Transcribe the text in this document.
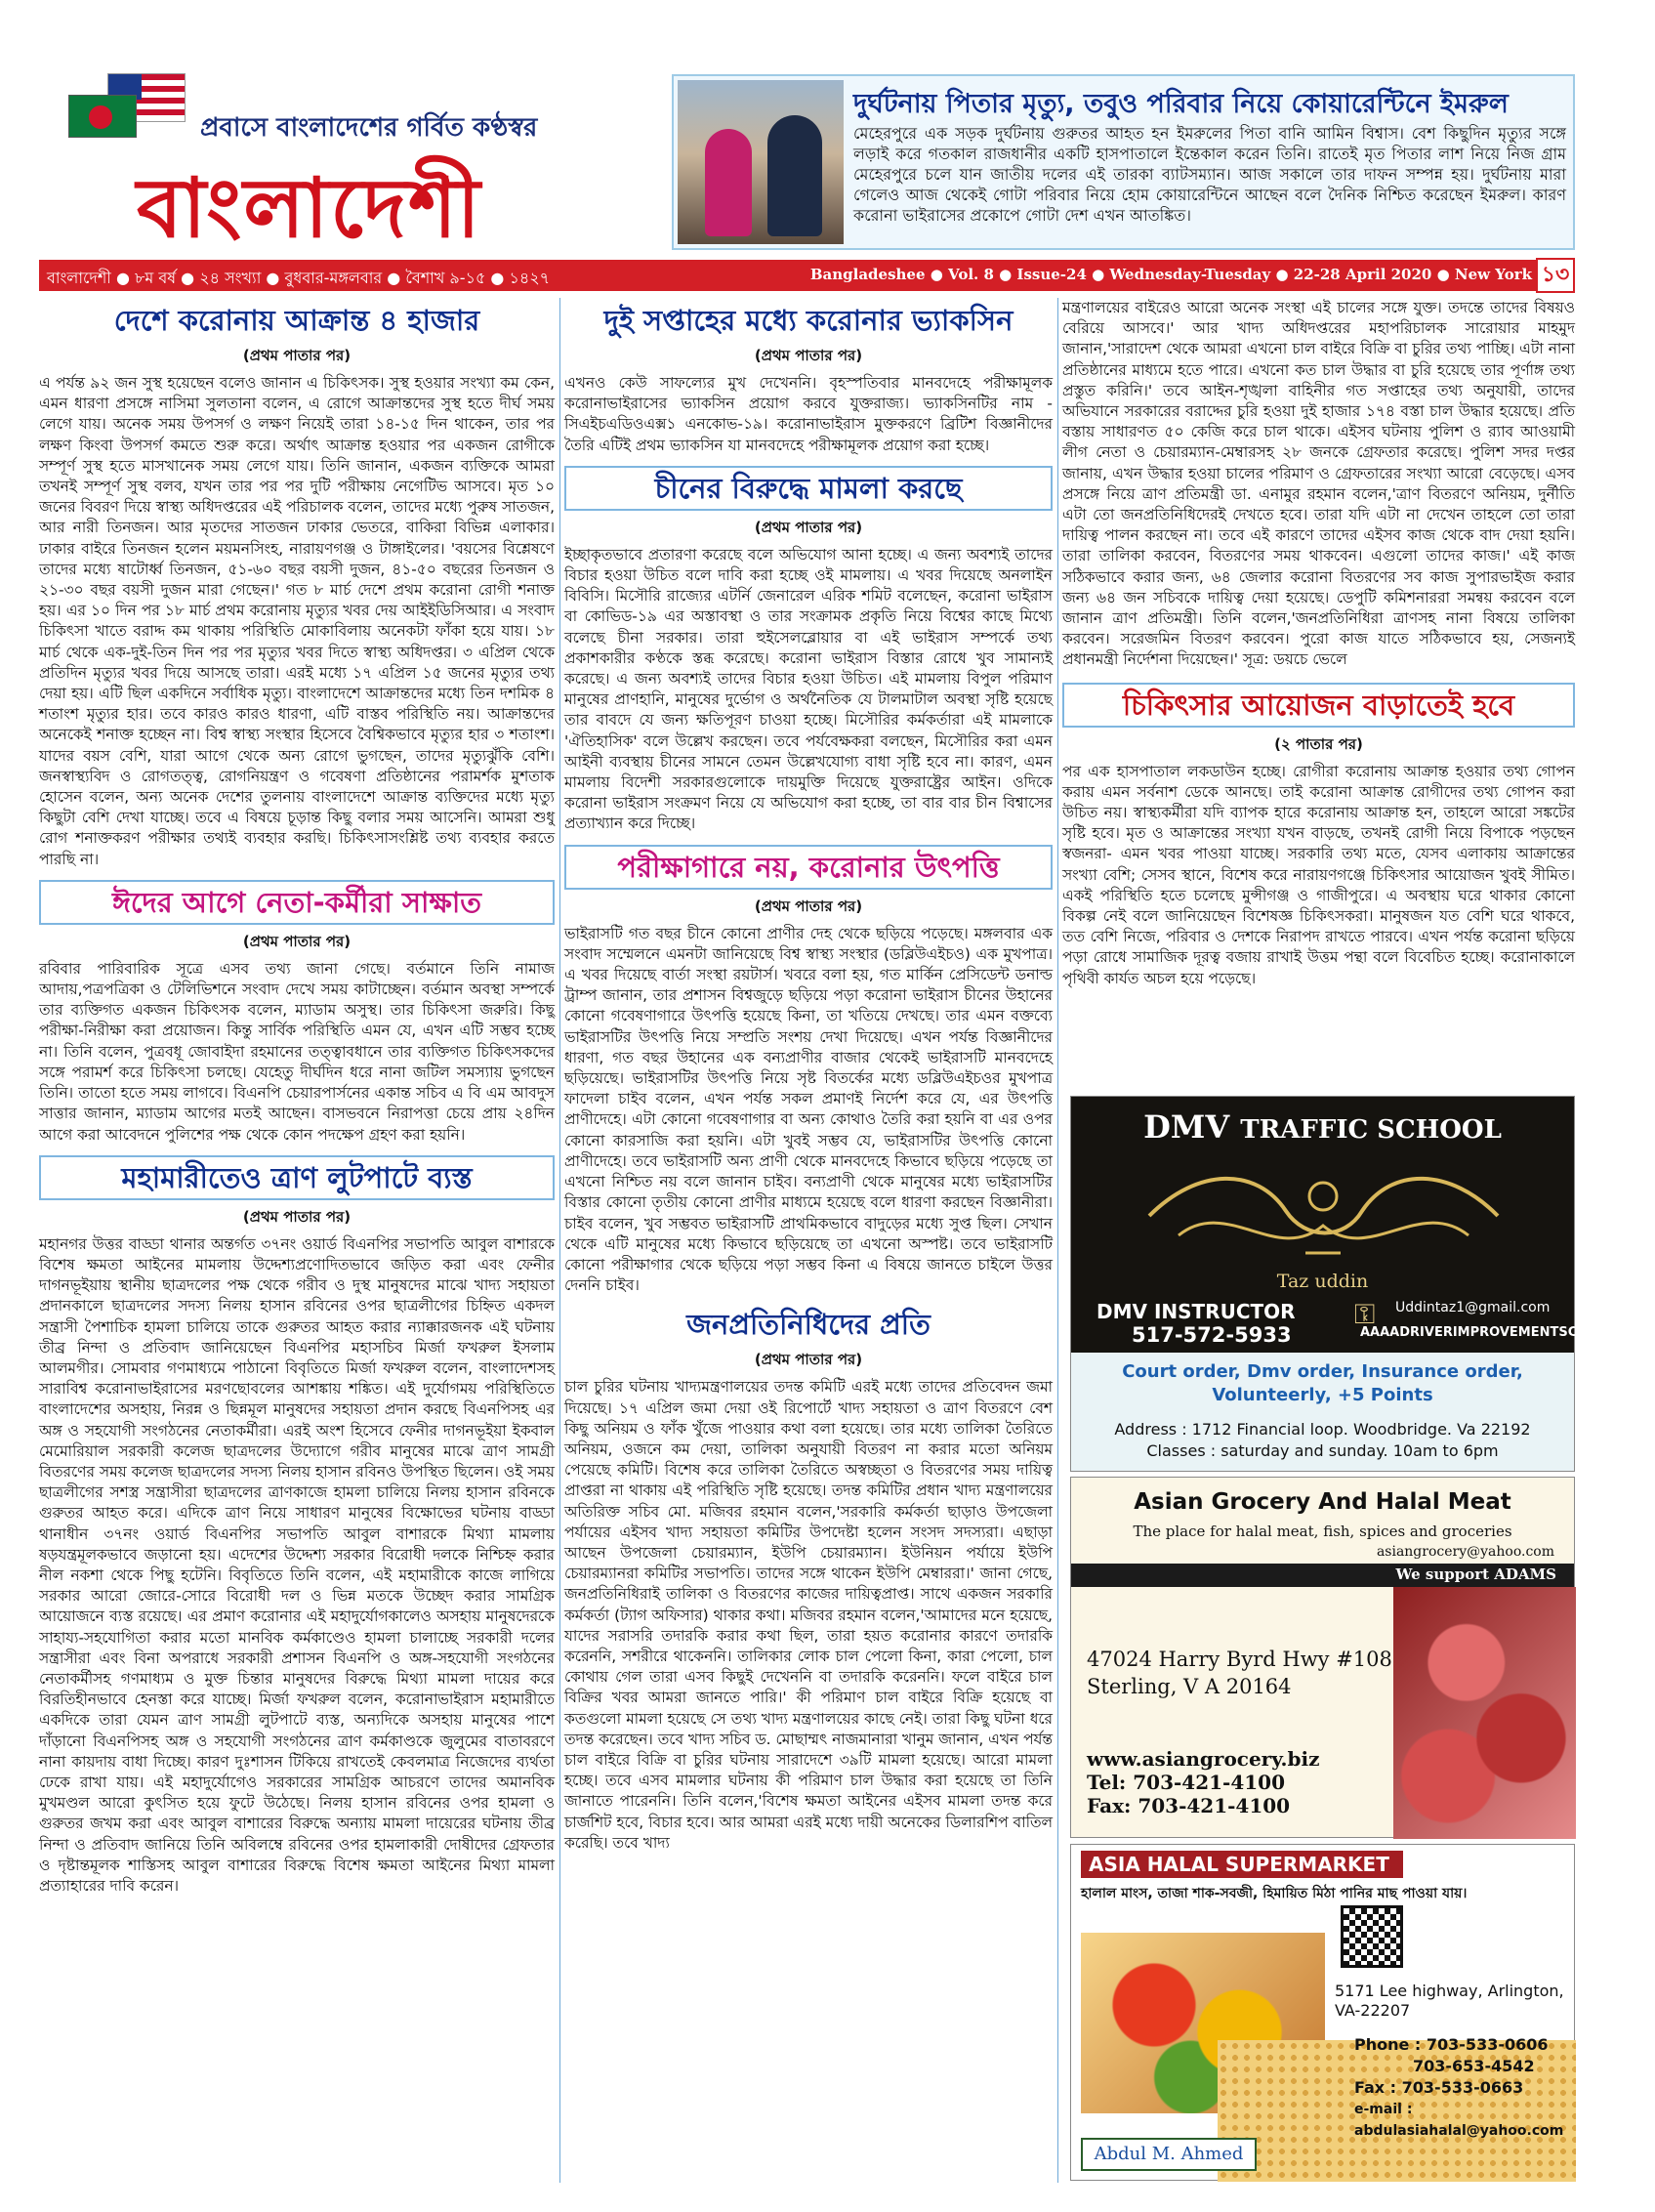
প্রবাসে বাংলাদেশের গর্বিত কণ্ঠস্বর
বাংলাদেশী
দুর্ঘটনায় পিতার মৃত্যু, তবুও পরিবার নিয়ে কোয়ারেন্টিনে ইমরুল
মেহেরপুরে এক সড়ক দুর্ঘটনায় গুরুতর আহত হন ইমরুলের পিতা বানি আমিন বিশ্বাস। বেশ কিছুদিন মৃত্যুর সঙ্গে লড়াই করে গতকাল রাজধানীর একটি হাসপাতালে ইন্তেকাল করেন তিনি। রাতেই মৃত পিতার লাশ নিয়ে নিজ গ্রাম মেহেরপুরে চলে যান জাতীয় দলের এই তারকা ব্যাটসম্যান। আজ সকালে তার দাফন সম্পন্ন হয়। দুর্ঘটনায় মারা গেলেও আজ থেকেই গোটা পরিবার নিয়ে হোম কোয়ারেন্টিনে আছেন বলে দৈনিক নিশ্চিত করেছেন ইমরুল। কারণ করোনা ভাইরাসের প্রকোপে গোটা দেশ এখন আতঙ্কিত।
বাংলাদেশী ● ৮ম বর্ষ ● ২৪ সংখ্যা ● বুধবার-মঙ্গলবার ● বৈশাখ ৯-১৫ ● ১৪২৭	Bangladeshee ● Vol. 8 ● Issue-24 ● Wednesday-Tuesday ● 22-28 April 2020 ● New York ১৩
দেশে করোনায় আক্রান্ত ৪ হাজার
(প্রথম পাতার পর)
এ পর্যন্ত ৯২ জন সুস্থ হয়েছেন বলেও জানান এ চিকিৎসক। সুস্থ হওয়ার সংখ্যা কম কেন, এমন ধারণা প্রসঙ্গে নাসিমা সুলতানা বলেন, এ রোগে আক্রান্তদের সুস্থ হতে দীর্ঘ সময় লেগে যায়। অনেক সময় উপসর্গ ও লক্ষণ নিয়েই তারা ১৪-১৫ দিন থাকেন, তার পর লক্ষণ কিংবা উপসর্গ কমতে শুরু করে। অর্থাৎ আক্রান্ত হওয়ার পর একজন রোগীকে সম্পূর্ণ সুস্থ হতে মাসখানেক সময় লেগে যায়। তিনি জানান, একজন ব্যক্তিকে আমরা তখনই সম্পূর্ণ সুস্থ বলব, যখন তার পর পর দুটি পরীক্ষায় নেগেটিভ আসবে। মৃত ১০ জনের বিবরণ দিয়ে স্বাস্থ্য অধিদপ্তরের এই পরিচালক বলেন, তাদের মধ্যে পুরুষ সাতজন, আর নারী তিনজন। আর মৃতদের সাতজন ঢাকার ভেতরে, বাকিরা বিভিন্ন এলাকার। ঢাকার বাইরে তিনজন হলেন ময়মনসিংহ, নারায়ণগঞ্জ ও টাঙ্গাইলের। 'বয়সের বিশ্লেষণে তাদের মধ্যে ষাটোর্ধ্ব তিনজন, ৫১-৬০ বছর বয়সী দুজন, ৪১-৫০ বছরের তিনজন ও ২১-৩০ বছর বয়সী দুজন মারা গেছেন।' গত ৮ মার্চ দেশে প্রথম করোনা রোগী শনাক্ত হয়। এর ১০ দিন পর ১৮ মার্চ প্রথম করোনায় মৃত্যুর খবর দেয় আইইডিসিআর। এ সংবাদ চিকিৎসা খাতে বরাদ্দ কম থাকায় পরিস্থিতি মোকাবিলায় অনেকটা ফাঁকা হয়ে যায়। ১৮ মার্চ থেকে এক-দুই-তিন দিন পর পর মৃত্যুর খবর দিতে স্বাস্থ্য অধিদপ্তর। ৩ এপ্রিল থেকে প্রতিদিন মৃত্যুর খবর দিয়ে আসছে তারা। এরই মধ্যে ১৭ এপ্রিল ১৫ জনের মৃত্যুর তথ্য দেয়া হয়। এটি ছিল একদিনে সর্বাধিক মৃত্যু। বাংলাদেশে আক্রান্তদের মধ্যে তিন দশমিক ৪ শতাংশ মৃত্যুর হার। তবে কারও কারও ধারণা, এটি বাস্তব পরিস্থিতি নয়। আক্রান্তদের অনেকেই শনাক্ত হচ্ছেন না। বিশ্ব স্বাস্থ্য সংস্থার হিসেবে বৈশ্বিকভাবে মৃত্যুর হার ৩ শতাংশ। যাদের বয়স বেশি, যারা আগে থেকে অন্য রোগে ভুগছেন, তাদের মৃত্যুঝুঁকি বেশি। জনস্বাস্থ্যবিদ ও রোগতত্ত্ব, রোগনিয়ন্ত্রণ ও গবেষণা প্রতিষ্ঠানের পরামর্শক মুশতাক হোসেন বলেন, অন্য অনেক দেশের তুলনায় বাংলাদেশে আক্রান্ত ব্যক্তিদের মধ্যে মৃত্যু কিছুটা বেশি দেখা যাচ্ছে। তবে এ বিষয়ে চূড়ান্ত কিছু বলার সময় আসেনি। আমরা শুধু রোগ শনাক্তকরণ পরীক্ষার তথ্যই ব্যবহার করছি। চিকিৎসাসংশ্লিষ্ট তথ্য ব্যবহার করতে পারছি না।
ঈদের আগে নেতা-কর্মীরা সাক্ষাত
(প্রথম পাতার পর)
রবিবার পারিবারিক সূত্রে এসব তথ্য জানা গেছে। বর্তমানে তিনি নামাজ আদায়,পত্রপত্রিকা ও টেলিভিশনে সংবাদ দেখে সময় কাটাচ্ছেন। বর্তমান অবস্থা সম্পর্কে তার ব্যক্তিগত একজন চিকিৎসক বলেন, ম্যাডাম অসুস্থ। তার চিকিৎসা জরুরি। কিছু পরীক্ষা-নিরীক্ষা করা প্রয়োজন। কিন্তু সার্বিক পরিস্থিতি এমন যে, এখন এটি সম্ভব হচ্ছে না। তিনি বলেন, পুত্রবধূ জোবাইদা রহমানের তত্ত্বাবধানে তার ব্যক্তিগত চিকিৎসকদের সঙ্গে পরামর্শ করে চিকিৎসা চলছে। যেহেতু দীর্ঘদিন ধরে নানা জটিল সমস্যায় ভুগছেন তিনি। তাতো হতে সময় লাগবে। বিএনপি চেয়ারপার্সনের একান্ত সচিব এ বি এম আবদুস সাত্তার জানান, ম্যাডাম আগের মতই আছেন। বাসভবনে নিরাপত্তা চেয়ে প্রায় ২৪দিন আগে করা আবেদনে পুলিশের পক্ষ থেকে কোন পদক্ষেপ গ্রহণ করা হয়নি।
মহামারীতেও ত্রাণ লুটপাটে ব্যস্ত
(প্রথম পাতার পর)
মহানগর উত্তর বাড্ডা থানার অন্তর্গত ৩৭নং ওয়ার্ড বিএনপির সভাপতি আবুল বাশারকে বিশেষ ক্ষমতা আইনের মামলায় উদ্দেশ্যপ্রণোদিতভাবে জড়িত করা এবং ফেনীর দাগনভূইয়ায় স্থানীয় ছাত্রদলের পক্ষ থেকে গরীব ও দুস্থ মানুষদের মাঝে খাদ্য সহায়তা প্রদানকালে ছাত্রদলের সদস্য নিলয় হাসান রবিনের ওপর ছাত্রলীগের চিহ্নিত একদল সন্ত্রাসী পৈশাচিক হামলা চালিয়ে তাকে গুরুতর আহত করার ন্যাক্কারজনক এই ঘটনায় তীব্র নিন্দা ও প্রতিবাদ জানিয়েছেন বিএনপির মহাসচিব মির্জা ফখরুল ইসলাম আলমগীর। সোমবার গণমাধ্যমে পাঠানো বিবৃতিতে মির্জা ফখরুল বলেন, বাংলাদেশসহ সারাবিশ্ব করোনাভাইরাসের মরণছোবলের আশঙ্কায় শঙ্কিত। এই দুর্যোগময় পরিস্থিতিতে বাংলাদেশের অসহায়, নিরন্ন ও ছিন্নমূল মানুষদের সহায়তা প্রদান করছে বিএনপিসহ এর অঙ্গ ও সহযোগী সংগঠনের নেতাকর্মীরা। এরই অংশ হিসেবে ফেনীর দাগনভূইয়া ইকবাল মেমোরিয়াল সরকারী কলেজ ছাত্রদলের উদ্যোগে গরীব মানুষের মাঝে ত্রাণ সামগ্রী বিতরণের সময় কলেজ ছাত্রদলের সদস্য নিলয় হাসান রবিনও উপস্থিত ছিলেন। ওই সময় ছাত্রলীগের সশস্ত্র সন্ত্রাসীরা ছাত্রদলের ত্রাণকাজে হামলা চালিয়ে নিলয় হাসান রবিনকে গুরুতর আহত করে। এদিকে ত্রাণ নিয়ে সাধারণ মানুষের বিক্ষোভের ঘটনায় বাড্ডা থানাধীন ৩৭নং ওয়ার্ড বিএনপির সভাপতি আবুল বাশারকে মিথ্যা মামলায় ষড়যন্ত্রমূলকভাবে জড়ানো হয়। এদেশের উদ্দেশ্য সরকার বিরোধী দলকে নিশ্চিহ্ন করার নীল নকশা থেকে পিছু হটেনি। বিবৃতিতে তিনি বলেন, এই মহামারীকে কাজে লাগিয়ে সরকার আরো জোরে-সোরে বিরোধী দল ও ভিন্ন মতকে উচ্ছেদ করার সামগ্রিক আয়োজনে ব্যস্ত রয়েছে। এর প্রমাণ করোনার এই মহাদুর্যোগকালেও অসহায় মানুষদেরকে সাহায্য-সহযোগিতা করার মতো মানবিক কর্মকাণ্ডেও হামলা চালাচ্ছে সরকারী দলের সন্ত্রাসীরা এবং বিনা অপরাধে সরকারী প্রশাসন বিএনপি ও অঙ্গ-সহযোগী সংগঠনের নেতাকর্মীসহ গণমাধ্যম ও মুক্ত চিন্তার মানুষদের বিরুদ্ধে মিথ্যা মামলা দায়ের করে বিরতিহীনভাবে হেনস্তা করে যাচ্ছে। মির্জা ফখরুল বলেন, করোনাভাইরাস মহামারীতে একদিকে তারা যেমন ত্রাণ সামগ্রী লুটপাটে ব্যস্ত, অন্যদিকে অসহায় মানুষের পাশে দাঁড়ানো বিএনপিসহ অঙ্গ ও সহযোগী সংগঠনের ত্রাণ কর্মকাণ্ডকে জুলুমের বাতাবরণে নানা কায়দায় বাধা দিচ্ছে। কারণ দুঃশাসন টিকিয়ে রাখতেই কেবলমাত্র নিজেদের ব্যর্থতা ঢেকে রাখা যায়। এই মহাদুর্যোগেও সরকারের সামগ্রিক আচরণে তাদের অমানবিক মুখমণ্ডল আরো কুৎসিত হয়ে ফুটে উঠেছে। নিলয় হাসান রবিনের ওপর হামলা ও গুরুতর জখম করা এবং আবুল বাশারের বিরুদ্ধে অন্যায় মামলা দায়েরের ঘটনায় তীব্র নিন্দা ও প্রতিবাদ জানিয়ে তিনি অবিলম্বে রবিনের ওপর হামলাকারী দোষীদের গ্রেফতার ও দৃষ্টান্তমূলক শাস্তিসহ আবুল বাশারের বিরুদ্ধে বিশেষ ক্ষমতা আইনের মিথ্যা মামলা প্রত্যাহারের দাবি করেন।
দুই সপ্তাহের মধ্যে করোনার ভ্যাকসিন
(প্রথম পাতার পর)
এখনও কেউ সাফল্যের মুখ দেখেননি। বৃহস্পতিবার মানবদেহে পরীক্ষামূলক করোনাভাইরাসের ভ্যাকসিন প্রয়োগ করবে যুক্তরাজ্য। ভ্যাকসিনটির নাম - সিএইচএডিওএক্স১ এনকোভ-১৯। করোনাভাইরাস মুক্তকরণে ব্রিটিশ বিজ্ঞানীদের তৈরি এটিই প্রথম ভ্যাকসিন যা মানবদেহে পরীক্ষামূলক প্রয়োগ করা হচ্ছে।
চীনের বিরুদ্ধে মামলা করছে
(প্রথম পাতার পর)
ইচ্ছাকৃতভাবে প্রতারণা করেছে বলে অভিযোগ আনা হচ্ছে। এ জন্য অবশ্যই তাদের বিচার হওয়া উচিত বলে দাবি করা হচ্ছে ওই মামলায়। এ খবর দিয়েছে অনলাইন বিবিসি। মিসৌরি রাজ্যের এটর্নি জেনারেল এরিক শমিট বলেছেন, করোনা ভাইরাস বা কোভিড-১৯ এর অস্তাবস্থা ও তার সংক্রামক প্রকৃতি নিয়ে বিশ্বের কাছে মিথ্যে বলেছে চীনা সরকার। তারা হুইসেলব্লোয়ার বা এই ভাইরাস সম্পর্কে তথ্য প্রকাশকারীর কণ্ঠকে স্তব্ধ করেছে। করোনা ভাইরাস বিস্তার রোধে খুব সামান্যই করেছে। এ জন্য অবশ্যই তাদের বিচার হওয়া উচিত। এই মামলায় বিপুল পরিমাণ মানুষের প্রাণহানি, মানুষের দুর্ভোগ ও অর্থনৈতিক যে টালমাটাল অবস্থা সৃষ্টি হয়েছে তার বাবদে যে জন্য ক্ষতিপূরণ চাওয়া হচ্ছে। মিসৌরির কর্মকর্তারা এই মামলাকে 'ঐতিহাসিক' বলে উল্লেখ করছেন। তবে পর্যবেক্ষকরা বলছেন, মিসৌরির করা এমন আইনী ব্যবস্থায় চীনের সামনে তেমন উল্লেখযোগ্য বাধা সৃষ্টি হবে না। কারণ, এমন মামলায় বিদেশী সরকারগুলোকে দায়মুক্তি দিয়েছে যুক্তরাষ্ট্রের আইন। ওদিকে করোনা ভাইরাস সংক্রমণ নিয়ে যে অভিযোগ করা হচ্ছে, তা বার বার চীন বিশ্বাসের প্রত্যাখ্যান করে দিচ্ছে।
পরীক্ষাগারে নয়, করোনার উৎপত্তি
(প্রথম পাতার পর)
ভাইরাসটি গত বছর চীনে কোনো প্রাণীর দেহ থেকে ছড়িয়ে পড়েছে। মঙ্গলবার এক সংবাদ সম্মেলনে এমনটা জানিয়েছে বিশ্ব স্বাস্থ্য সংস্থার (ডব্লিউএইচও) এক মুখপাত্র। এ খবর দিয়েছে বার্তা সংস্থা রয়টার্স। খবরে বলা হয়, গত মার্কিন প্রেসিডেন্ট ডনাল্ড ট্রাম্প জানান, তার প্রশাসন বিশ্বজুড়ে ছড়িয়ে পড়া করোনা ভাইরাস চীনের উহানের কোনো গবেষণাগারে উৎপত্তি হয়েছে কিনা, তা খতিয়ে দেখছে। তার এমন বক্তব্যে ভাইরাসটির উৎপত্তি নিয়ে সম্প্রতি সংশয় দেখা দিয়েছে। এখন পর্যন্ত বিজ্ঞানীদের ধারণা, গত বছর উহানের এক বন্যপ্রাণীর বাজার থেকেই ভাইরাসটি মানবদেহে ছড়িয়েছে। ভাইরাসটির উৎপত্তি নিয়ে সৃষ্ট বিতর্কের মধ্যে ডব্লিউএইচওর মুখপাত্র ফাদেলা চাইব বলেন, এখন পর্যন্ত সকল প্রমাণই নির্দেশ করে যে, এর উৎপত্তি প্রাণীদেহে। এটা কোনো গবেষণাগার বা অন্য কোথাও তৈরি করা হয়নি বা এর ওপর কোনো কারসাজি করা হয়নি। এটা খুবই সম্ভব যে, ভাইরাসটির উৎপত্তি কোনো প্রাণীদেহে। তবে ভাইরাসটি অন্য প্রাণী থেকে মানবদেহে কিভাবে ছড়িয়ে পড়েছে তা এখনো নিশ্চিত নয় বলে জানান চাইব। বন্যপ্রাণী থেকে মানুষের মধ্যে ভাইরাসটির বিস্তার কোনো তৃতীয় কোনো প্রাণীর মাধ্যমে হয়েছে বলে ধারণা করছেন বিজ্ঞানীরা। চাইব বলেন, খুব সম্ভবত ভাইরাসটি প্রাথমিকভাবে বাদুড়ের মধ্যে সুপ্ত ছিল। সেখান থেকে এটি মানুষের মধ্যে কিভাবে ছড়িয়েছে তা এখনো অস্পষ্ট। তবে ভাইরাসটি কোনো পরীক্ষাগার থেকে ছড়িয়ে পড়া সম্ভব কিনা এ বিষয়ে জানতে চাইলে উত্তর দেননি চাইব।
জনপ্রতিনিধিদের প্রতি
(প্রথম পাতার পর)
চাল চুরির ঘটনায় খাদ্যমন্ত্রণালয়ের তদন্ত কমিটি এরই মধ্যে তাদের প্রতিবেদন জমা দিয়েছে। ১৭ এপ্রিল জমা দেয়া ওই রিপোর্টে খাদ্য সহায়তা ও ত্রাণ বিতরণে বেশ কিছু অনিয়ম ও ফাঁক খুঁজে পাওয়ার কথা বলা হয়েছে। তার মধ্যে তালিকা তৈরিতে অনিয়ম, ওজনে কম দেয়া, তালিকা অনুযায়ী বিতরণ না করার মতো অনিয়ম পেয়েছে কমিটি। বিশেষ করে তালিকা তৈরিতে অস্বচ্ছতা ও বিতরণের সময় দায়িত্ব প্রাপ্তরা না থাকায় এই পরিস্থিতি সৃষ্টি হয়েছে। তদন্ত কমিটির প্রধান খাদ্য মন্ত্রণালয়ের অতিরিক্ত সচিব মো. মজিবর রহমান বলেন,'সরকারি কর্মকর্তা ছাড়াও উপজেলা পর্যায়ের এইসব খাদ্য সহায়তা কমিটির উপদেষ্টা হলেন সংসদ সদস্যরা। এছাড়া আছেন উপজেলা চেয়ারম্যান, ইউপি চেয়ারম্যান। ইউনিয়ন পর্যায়ে ইউপি চেয়ারম্যানরা কমিটির সভাপতি। তাদের সঙ্গে থাকেন ইউপি মেম্বাররা।' জানা গেছে, জনপ্রতিনিধিরাই তালিকা ও বিতরণের কাজের দায়িত্বপ্রাপ্ত। সাথে একজন সরকারি কর্মকর্তা (ট্যাগ অফিসার) থাকার কথা। মজিবর রহমান বলেন,'আমাদের মনে হয়েছে, যাদের সরাসরি তদারকি করার কথা ছিল, তারা হয়ত করোনার কারণে তদারকি করেননি, সশরীরে থাকেননি। তালিকার লোক চাল পেলো কিনা, কারা পেলো, চাল কোথায় গেল তারা এসব কিছুই দেখেননি বা তদারকি করেননি। ফলে বাইরে চাল বিক্রির খবর আমরা জানতে পারি।' কী পরিমাণ চাল বাইরে বিক্রি হয়েছে বা কতগুলো মামলা হয়েছে সে তথ্য খাদ্য মন্ত্রণালয়ের কাছে নেই। তারা কিছু ঘটনা ধরে তদন্ত করেছেন। তবে খাদ্য সচিব ড. মোছাম্মৎ নাজমানারা খানুম জানান, এখন পর্যন্ত চাল বাইরে বিক্রি বা চুরির ঘটনায় সারাদেশে ৩৯টি মামলা হয়েছে। আরো মামলা হচ্ছে। তবে এসব মামলার ঘটনায় কী পরিমাণ চাল উদ্ধার করা হয়েছে তা তিনি জানাতে পারেননি। তিনি বলেন,'বিশেষ ক্ষমতা আইনের এইসব মামলা তদন্ত করে চার্জশিট হবে, বিচার হবে। আর আমরা এরই মধ্যে দায়ী অনেকের ডিলারশিপ বাতিল করেছি। তবে খাদ্য
মন্ত্রণালয়ের বাইরেও আরো অনেক সংস্থা এই চালের সঙ্গে যুক্ত। তদন্তে তাদের বিষয়ও বেরিয়ে আসবে।' আর খাদ্য অধিদপ্তরের মহাপরিচালক সারোয়ার মাহমুদ জানান,'সারাদেশ থেকে আমরা এখনো চাল বাইরে বিক্রি বা চুরির তথ্য পাচ্ছি। এটা নানা প্রতিষ্ঠানের মাধ্যমে হতে পারে। এখনো কত চাল উদ্ধার বা চুরি হয়েছে তার পূর্ণাঙ্গ তথ্য প্রস্তুত করিনি।' তবে আইন-শৃঙ্খলা বাহিনীর গত সপ্তাহের তথ্য অনুযায়ী, তাদের অভিযানে সরকারের বরাদ্দের চুরি হওয়া দুই হাজার ১৭৪ বস্তা চাল উদ্ধার হয়েছে। প্রতি বস্তায় সাধারণত ৫০ কেজি করে চাল থাকে। এইসব ঘটনায় পুলিশ ও র‍্যাব আওয়ামী লীগ নেতা ও চেয়ারম্যান-মেম্বারসহ ২৮ জনকে গ্রেফতার করেছে। পুলিশ সদর দপ্তর জানায়, এখন উদ্ধার হওয়া চালের পরিমাণ ও গ্রেফতারের সংখ্যা আরো বেড়েছে। এসব প্রসঙ্গে নিয়ে ত্রাণ প্রতিমন্ত্রী ডা. এনামুর রহমান বলেন,'ত্রাণ বিতরণে অনিয়ম, দুর্নীতি এটা তো জনপ্রতিনিধিদেরই দেখতে হবে। তারা যদি এটা না দেখেন তাহলে তো তারা দায়িত্ব পালন করছেন না। তবে এই কারণে তাদের এইসব কাজ থেকে বাদ দেয়া হয়নি। তারা তালিকা করবেন, বিতরণের সময় থাকবেন। এগুলো তাদের কাজ।' এই কাজ সঠিকভাবে করার জন্য, ৬৪ জেলার করোনা বিতরণের সব কাজ সুপারভাইজ করার জন্য ৬৪ জন সচিবকে দায়িত্ব দেয়া হয়েছে। ডেপুটি কমিশনাররা সমন্বয় করবেন বলে জানান ত্রাণ প্রতিমন্ত্রী। তিনি বলেন,'জনপ্রতিনিধিরা ত্রাণসহ নানা বিষয়ে তালিকা করবেন। সরেজমিন বিতরণ করবেন। পুরো কাজ যাতে সঠিকভাবে হয়, সেজন্যই প্রধানমন্ত্রী নির্দেশনা দিয়েছেন।' সূত্র: ডয়চে ভেলে
চিকিৎসার আয়োজন বাড়াতেই হবে
(২ পাতার পর)
পর এক হাসপাতাল লকডাউন হচ্ছে। রোগীরা করোনায় আক্রান্ত হওয়ার তথ্য গোপন করায় এমন সর্বনাশ ডেকে আনছে। তাই করোনা আক্রান্ত রোগীদের তথ্য গোপন করা উচিত নয়। স্বাস্থ্যকর্মীরা যদি ব্যাপক হারে করোনায় আক্রান্ত হন, তাহলে আরো সঙ্কটের সৃষ্টি হবে। মৃত ও আক্রান্তের সংখ্যা যখন বাড়ছে, তখনই রোগী নিয়ে বিপাকে পড়ছেন স্বজনরা- এমন খবর পাওয়া যাচ্ছে। সরকারি তথ্য মতে, যেসব এলাকায় আক্রান্তের সংখ্যা বেশি; সেসব স্থানে, বিশেষ করে নারায়ণগঞ্জে চিকিৎসার আয়োজন খুবই সীমিত। একই পরিস্থিতি হতে চলেছে মুন্সীগঞ্জ ও গাজীপুরে। এ অবস্থায় ঘরে থাকার কোনো বিকল্প নেই বলে জানিয়েছেন বিশেষজ্ঞ চিকিৎসকরা। মানুষজন যত বেশি ঘরে থাকবে, তত বেশি নিজে, পরিবার ও দেশকে নিরাপদ রাখতে পারবে। এখন পর্যন্ত করোনা ছড়িয়ে পড়া রোধে সামাজিক দূরত্ব বজায় রাখাই উত্তম পন্থা বলে বিবেচিত হচ্ছে। করোনাকালে পৃথিবী কার্যত অচল হয়ে পড়েছে।
DMV TRAFFIC SCHOOL
Taz uddin
DMV INSTRUCTOR
517-572-5933
⚿ Uddintaz1@gmail.com
AAAADRIVERIMPROVEMENTSCHOOL.COM
Court order, Dmv order, Insurance order, Volunteerly, +5 Points
Address : 1712 Financial loop. Woodbridge. Va 22192
Classes : saturday and sunday. 10am to 6pm
Asian Grocery And Halal Meat
The place for halal meat, fish, spices and groceries
asiangrocery@yahoo.com
We support ADAMS
47024 Harry Byrd Hwy #108
Sterling, V A 20164
www.asiangrocery.biz
Tel: 703-421-4100
Fax: 703-421-4100
ASIA HALAL SUPERMARKET
হালাল মাংস, তাজা শাক-সবজী, হিমায়িত মিঠা পানির মাছ পাওয়া যায়।
5171 Lee highway, Arlington,
VA-22207
Phone : 703-533-0606
703-653-4542
Fax : 703-533-0663
e-mail : abdulasiahalal@yahoo.com
Abdul M. Ahmed
